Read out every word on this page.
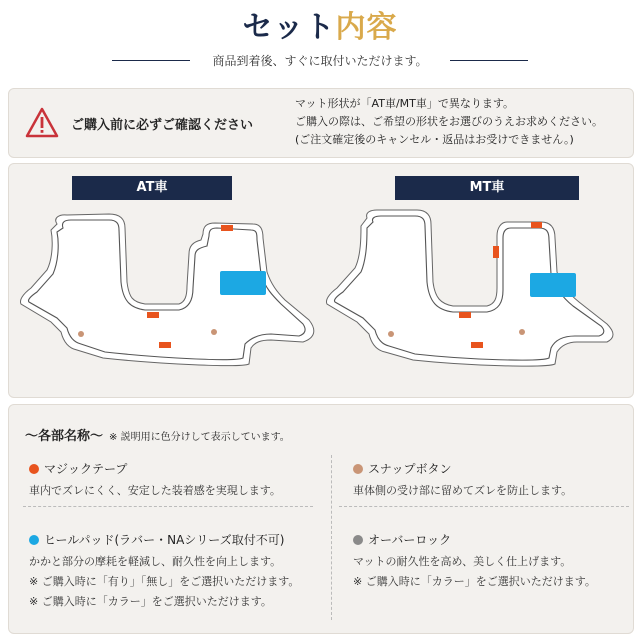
セット内容
商品到着後、すぐに取付いただけます。
ご購入前に必ずご確認ください
マット形状が「AT車/MT車」で異なります。
ご購入の際は、ご希望の形状をお選びのうえお求めください。
(ご注文確定後のキャンセル・返品はお受けできません。)
AT車	MT車
〜各部名称〜 ※ 説明用に色分けして表示しています。
マジックテープ
車内でズレにくく、安定した装着感を実現します。
スナップボタン
車体側の受け部に留めてズレを防止します。
ヒールパッド(ラバー・NAシリーズ取付不可)
かかと部分の摩耗を軽減し、耐久性を向上します。
※ ご購入時に「有り」「無し」をご選択いただけます。
※ ご購入時に「カラー」をご選択いただけます。
オーバーロック
マットの耐久性を高め、美しく仕上げます。
※ ご購入時に「カラー」をご選択いただけます。
